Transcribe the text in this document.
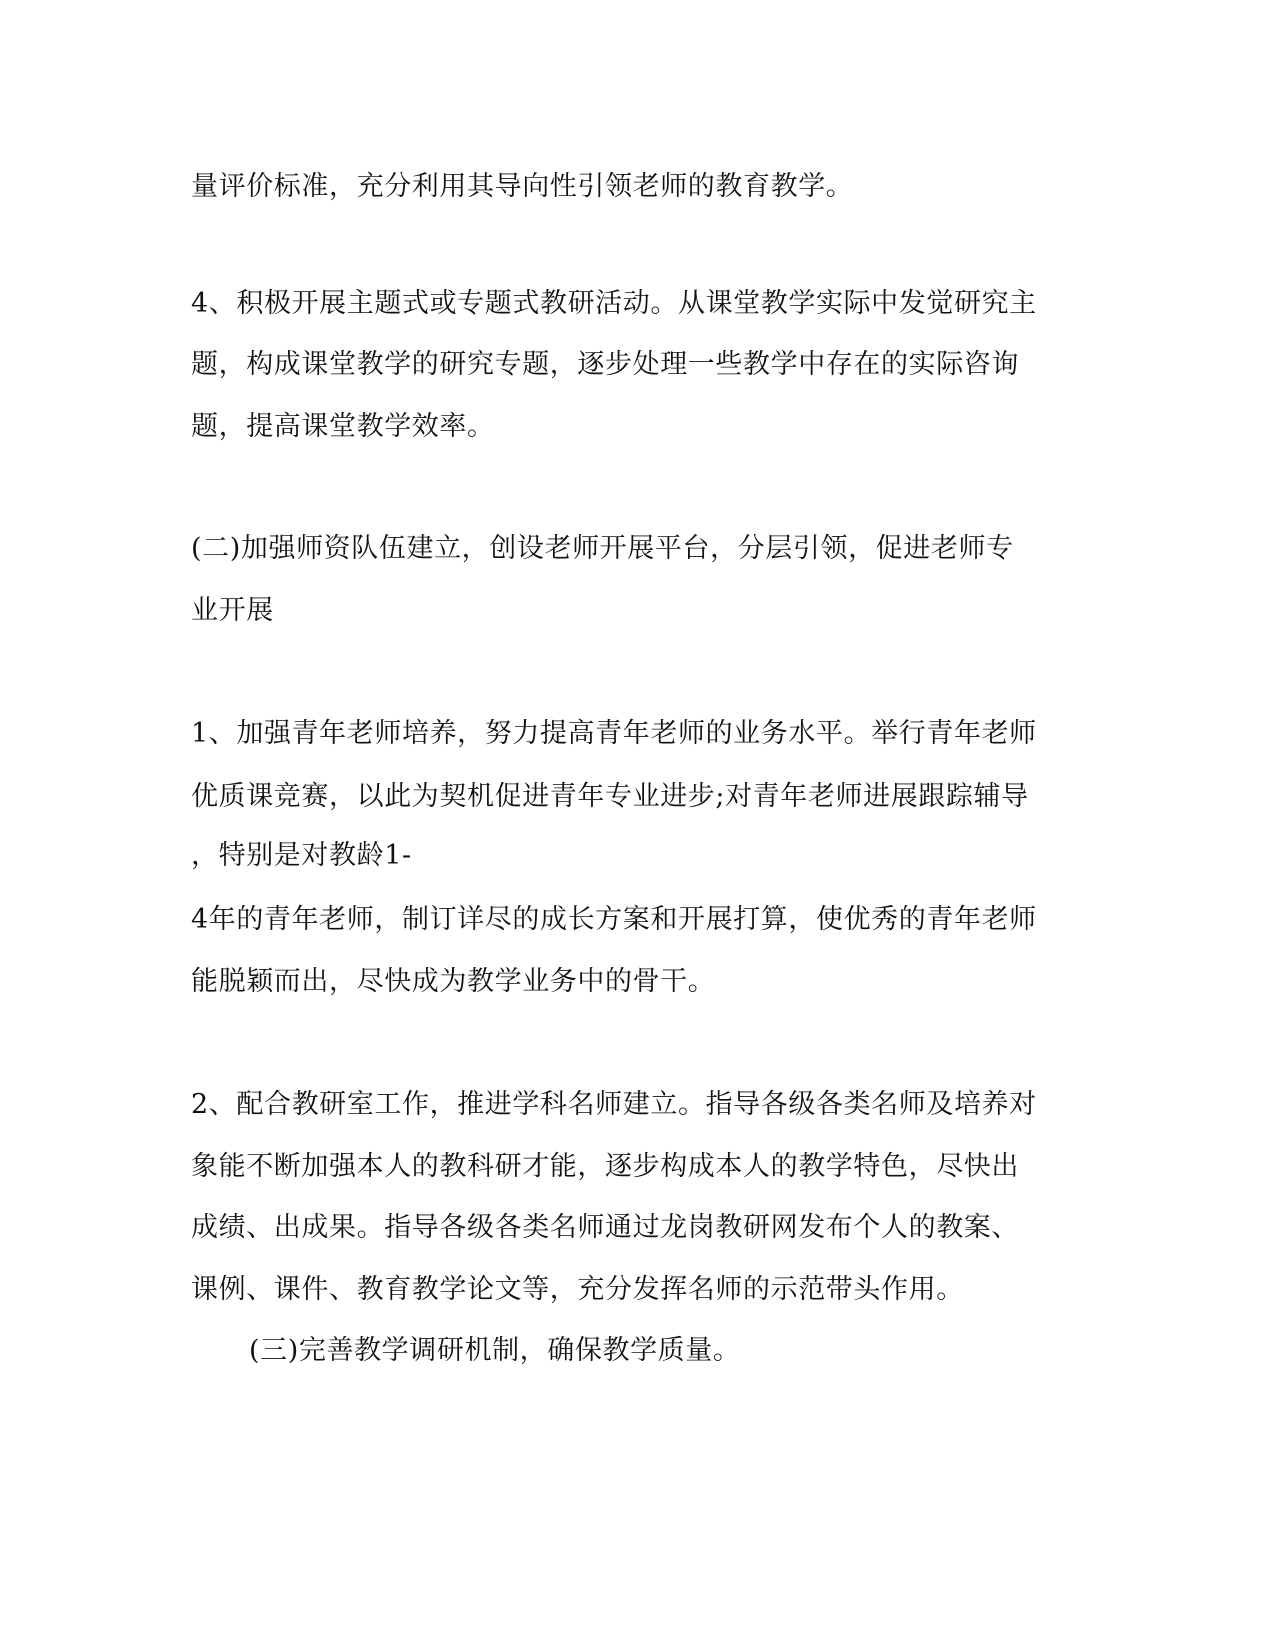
量评价标准，充分利用其导向性引领老师的教育教学。
4、积极开展主题式或专题式教研活动。从课堂教学实际中发觉研究主
题，构成课堂教学的研究专题，逐步处理一些教学中存在的实际咨询
题，提高课堂教学效率。
(二)加强师资队伍建立，创设老师开展平台，分层引领，促进老师专
业开展
1、加强青年老师培养，努力提高青年老师的业务水平。举行青年老师
优质课竞赛，以此为契机促进青年专业进步;对青年老师进展跟踪辅导
，特别是对教龄1-
4年的青年老师，制订详尽的成长方案和开展打算，使优秀的青年老师
能脱颖而出，尽快成为教学业务中的骨干。
2、配合教研室工作，推进学科名师建立。指导各级各类名师及培养对
象能不断加强本人的教科研才能，逐步构成本人的教学特色，尽快出
成绩、出成果。指导各级各类名师通过龙岗教研网发布个人的教案、
课例、课件、教育教学论文等，充分发挥名师的示范带头作用。
(三)完善教学调研机制，确保教学质量。
